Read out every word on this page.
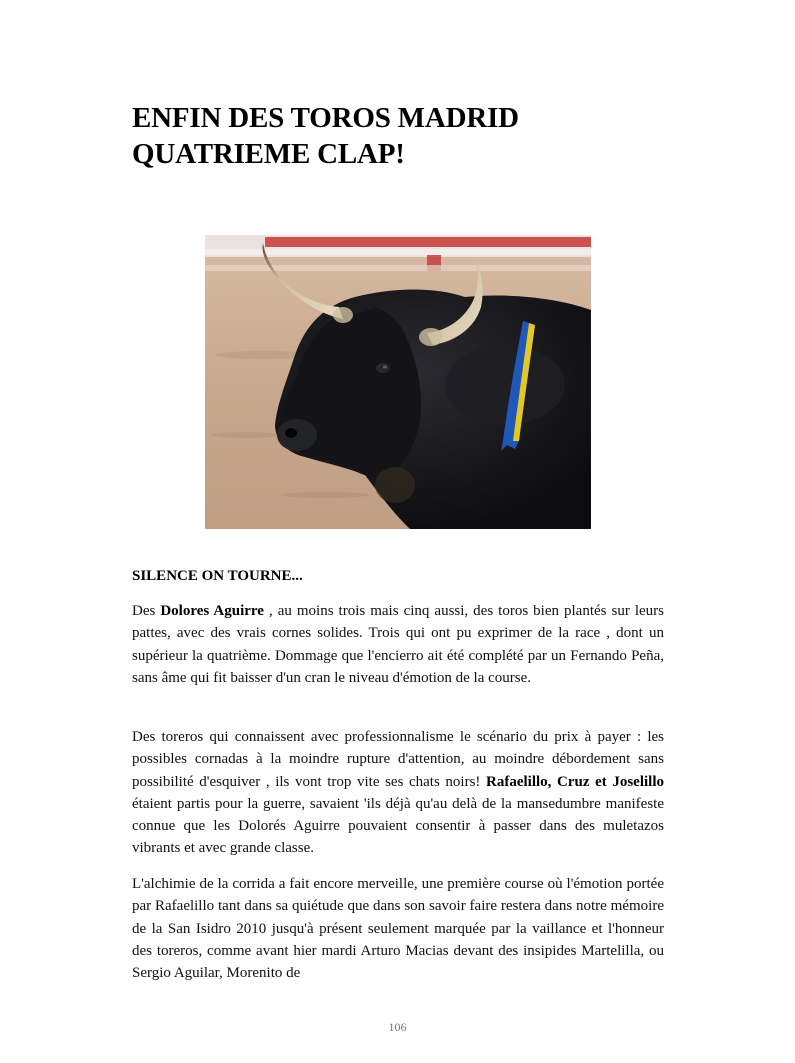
ENFIN DES TOROS MADRID
QUATRIEME CLAP!

SILENCE ON TOURNE...

Des Dolores Aguirre , au moins trois mais cinq aussi, des toros bien plantés sur leurs pattes, avec des vrais cornes solides. Trois qui ont pu exprimer de la race , dont un supérieur la quatrième. Dommage que l'encierro ait été complété par un Fernando Peña, sans âme qui fit baisser d'un cran le niveau d'émotion de la course.

Des toreros qui connaissent avec professionnalisme le scénario du prix à payer : les possibles cornadas à la moindre rupture d'attention, au moindre débordement sans possibilité d'esquiver , ils vont trop vite ses chats noirs! Rafaelillo, Cruz et Joselillo étaient partis pour la guerre, savaient 'ils déjà qu'au delà de la mansedumbre manifeste connue que les Dolorés Aguirre pouvaient consentir à passer dans des muletazos vibrants et avec grande classe.

L'alchimie de la corrida a fait encore merveille, une première course où l'émotion portée par Rafaelillo tant dans sa quiétude que dans son savoir faire restera dans notre mémoire de la San Isidro 2010 jusqu'à présent seulement marquée par la vaillance et l'honneur des toreros, comme avant hier mardi Arturo Macias devant des insipides Martelilla, ou Sergio Aguilar, Morenito de

106
